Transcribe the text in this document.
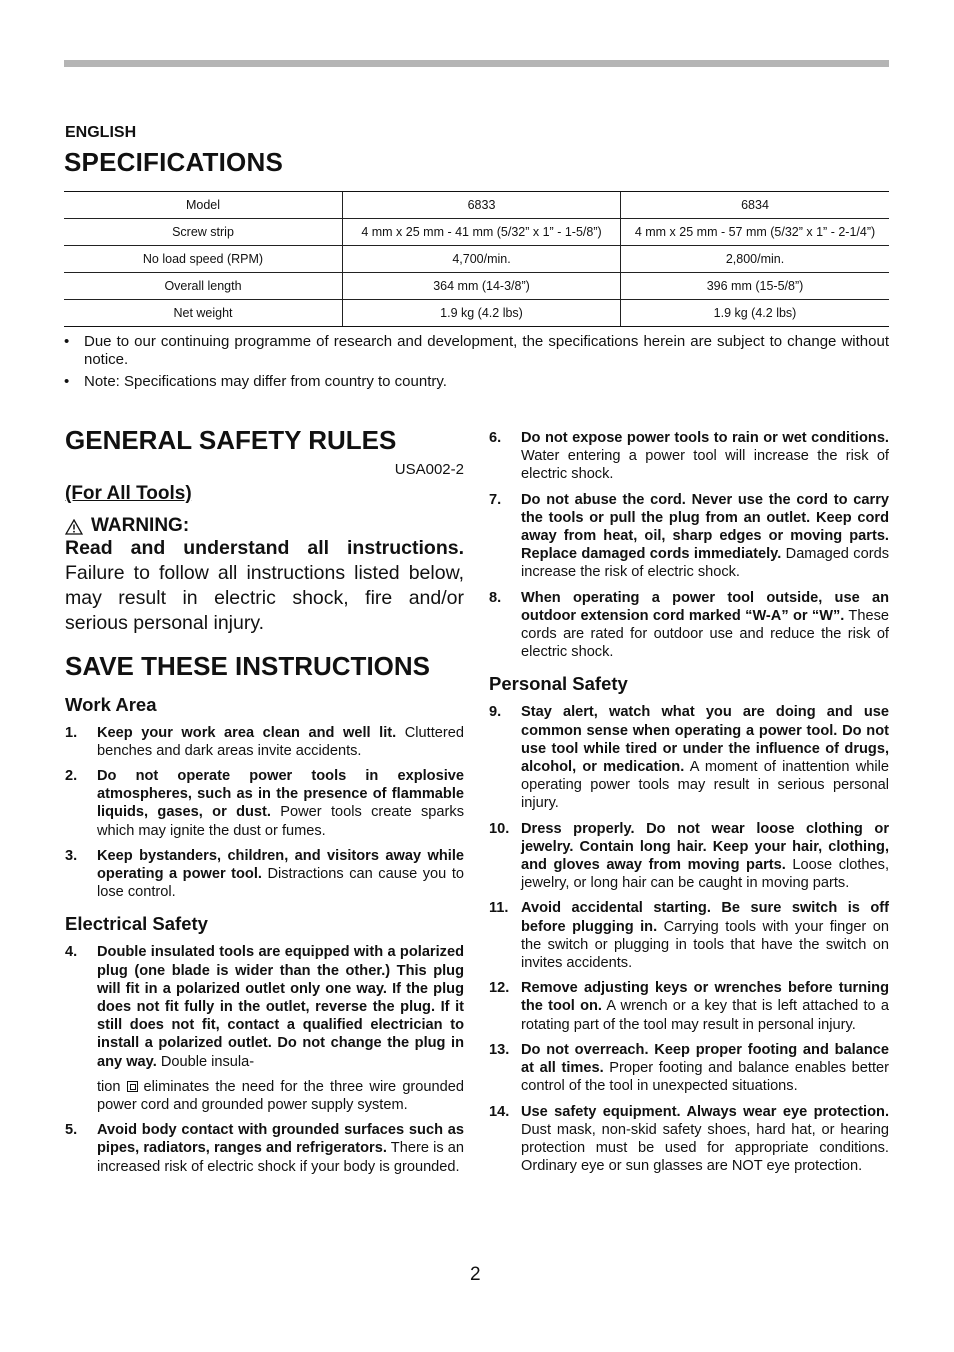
ENGLISH
SPECIFICATIONS
Model	6833	6834
Screw strip	4 mm x 25 mm - 41 mm (5/32” x 1” - 1-5/8”)	4 mm x 25 mm - 57 mm (5/32” x 1” - 2-1/4”)
No load speed (RPM)	4,700/min.	2,800/min.
Overall length	364 mm (14-3/8”)	396 mm (15-5/8”)
Net weight	1.9 kg (4.2 lbs)	1.9 kg (4.2 lbs)
• Due to our continuing programme of research and development, the specifications herein are subject to change without notice.
• Note: Specifications may differ from country to country.
GENERAL SAFETY RULES
USA002-2
(For All Tools)
WARNING:
Read and understand all instructions. Failure to follow all instructions listed below, may result in electric shock, fire and/or serious personal injury.
SAVE THESE INSTRUCTIONS
Work Area
1. Keep your work area clean and well lit. Cluttered benches and dark areas invite accidents.
2. Do not operate power tools in explosive atmospheres, such as in the presence of flammable liquids, gases, or dust. Power tools create sparks which may ignite the dust or fumes.
3. Keep bystanders, children, and visitors away while operating a power tool. Distractions can cause you to lose control.
Electrical Safety
4. Double insulated tools are equipped with a polarized plug (one blade is wider than the other.) This plug will fit in a polarized outlet only one way. If the plug does not fit fully in the outlet, reverse the plug. If it still does not fit, contact a qualified electrician to install a polarized outlet. Do not change the plug in any way. Double insula-
tion eliminates the need for the three wire grounded power cord and grounded power supply system.
5. Avoid body contact with grounded surfaces such as pipes, radiators, ranges and refrigerators. There is an increased risk of electric shock if your body is grounded.
6. Do not expose power tools to rain or wet conditions. Water entering a power tool will increase the risk of electric shock.
7. Do not abuse the cord. Never use the cord to carry the tools or pull the plug from an outlet. Keep cord away from heat, oil, sharp edges or moving parts. Replace damaged cords immediately. Damaged cords increase the risk of electric shock.
8. When operating a power tool outside, use an outdoor extension cord marked “W-A” or “W”. These cords are rated for outdoor use and reduce the risk of electric shock.
Personal Safety
9. Stay alert, watch what you are doing and use common sense when operating a power tool. Do not use tool while tired or under the influence of drugs, alcohol, or medication. A moment of inattention while operating power tools may result in serious personal injury.
10. Dress properly. Do not wear loose clothing or jewelry. Contain long hair. Keep your hair, clothing, and gloves away from moving parts. Loose clothes, jewelry, or long hair can be caught in moving parts.
11. Avoid accidental starting. Be sure switch is off before plugging in. Carrying tools with your finger on the switch or plugging in tools that have the switch on invites accidents.
12. Remove adjusting keys or wrenches before turning the tool on. A wrench or a key that is left attached to a rotating part of the tool may result in personal injury.
13. Do not overreach. Keep proper footing and balance at all times. Proper footing and balance enables better control of the tool in unexpected situations.
14. Use safety equipment. Always wear eye protection. Dust mask, non-skid safety shoes, hard hat, or hearing protection must be used for appropriate conditions. Ordinary eye or sun glasses are NOT eye protection.
2
